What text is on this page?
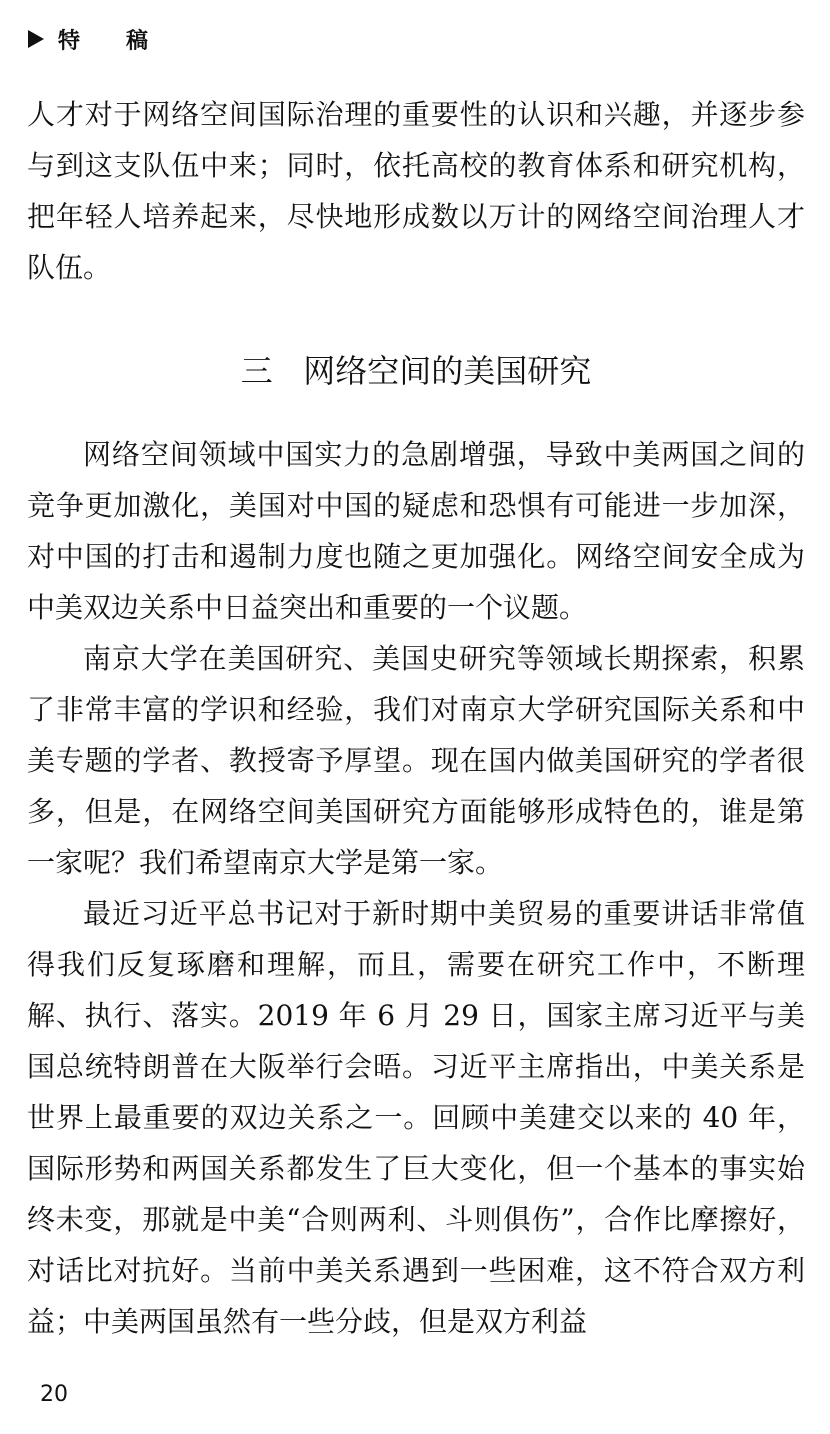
特稿

人才对于网络空间国际治理的重要性的认识和兴趣，并逐步参与到这支队伍中来；同时，依托高校的教育体系和研究机构，把年轻人培养起来，尽快地形成数以万计的网络空间治理人才队伍。

三   网络空间的美国研究

网络空间领域中国实力的急剧增强，导致中美两国之间的竞争更加激化，美国对中国的疑虑和恐惧有可能进一步加深，对中国的打击和遏制力度也随之更加强化。网络空间安全成为中美双边关系中日益突出和重要的一个议题。

南京大学在美国研究、美国史研究等领域长期探索，积累了非常丰富的学识和经验，我们对南京大学研究国际关系和中美专题的学者、教授寄予厚望。现在国内做美国研究的学者很多，但是，在网络空间美国研究方面能够形成特色的，谁是第一家呢？我们希望南京大学是第一家。

最近习近平总书记对于新时期中美贸易的重要讲话非常值得我们反复琢磨和理解，而且，需要在研究工作中，不断理解、执行、落实。2019 年 6 月 29 日，国家主席习近平与美国总统特朗普在大阪举行会晤。习近平主席指出，中美关系是世界上最重要的双边关系之一。回顾中美建交以来的 40 年，国际形势和两国关系都发生了巨大变化，但一个基本的事实始终未变，那就是中美“合则两利、斗则俱伤”，合作比摩擦好，对话比对抗好。当前中美关系遇到一些困难，这不符合双方利益；中美两国虽然有一些分歧，但是双方利益

20
